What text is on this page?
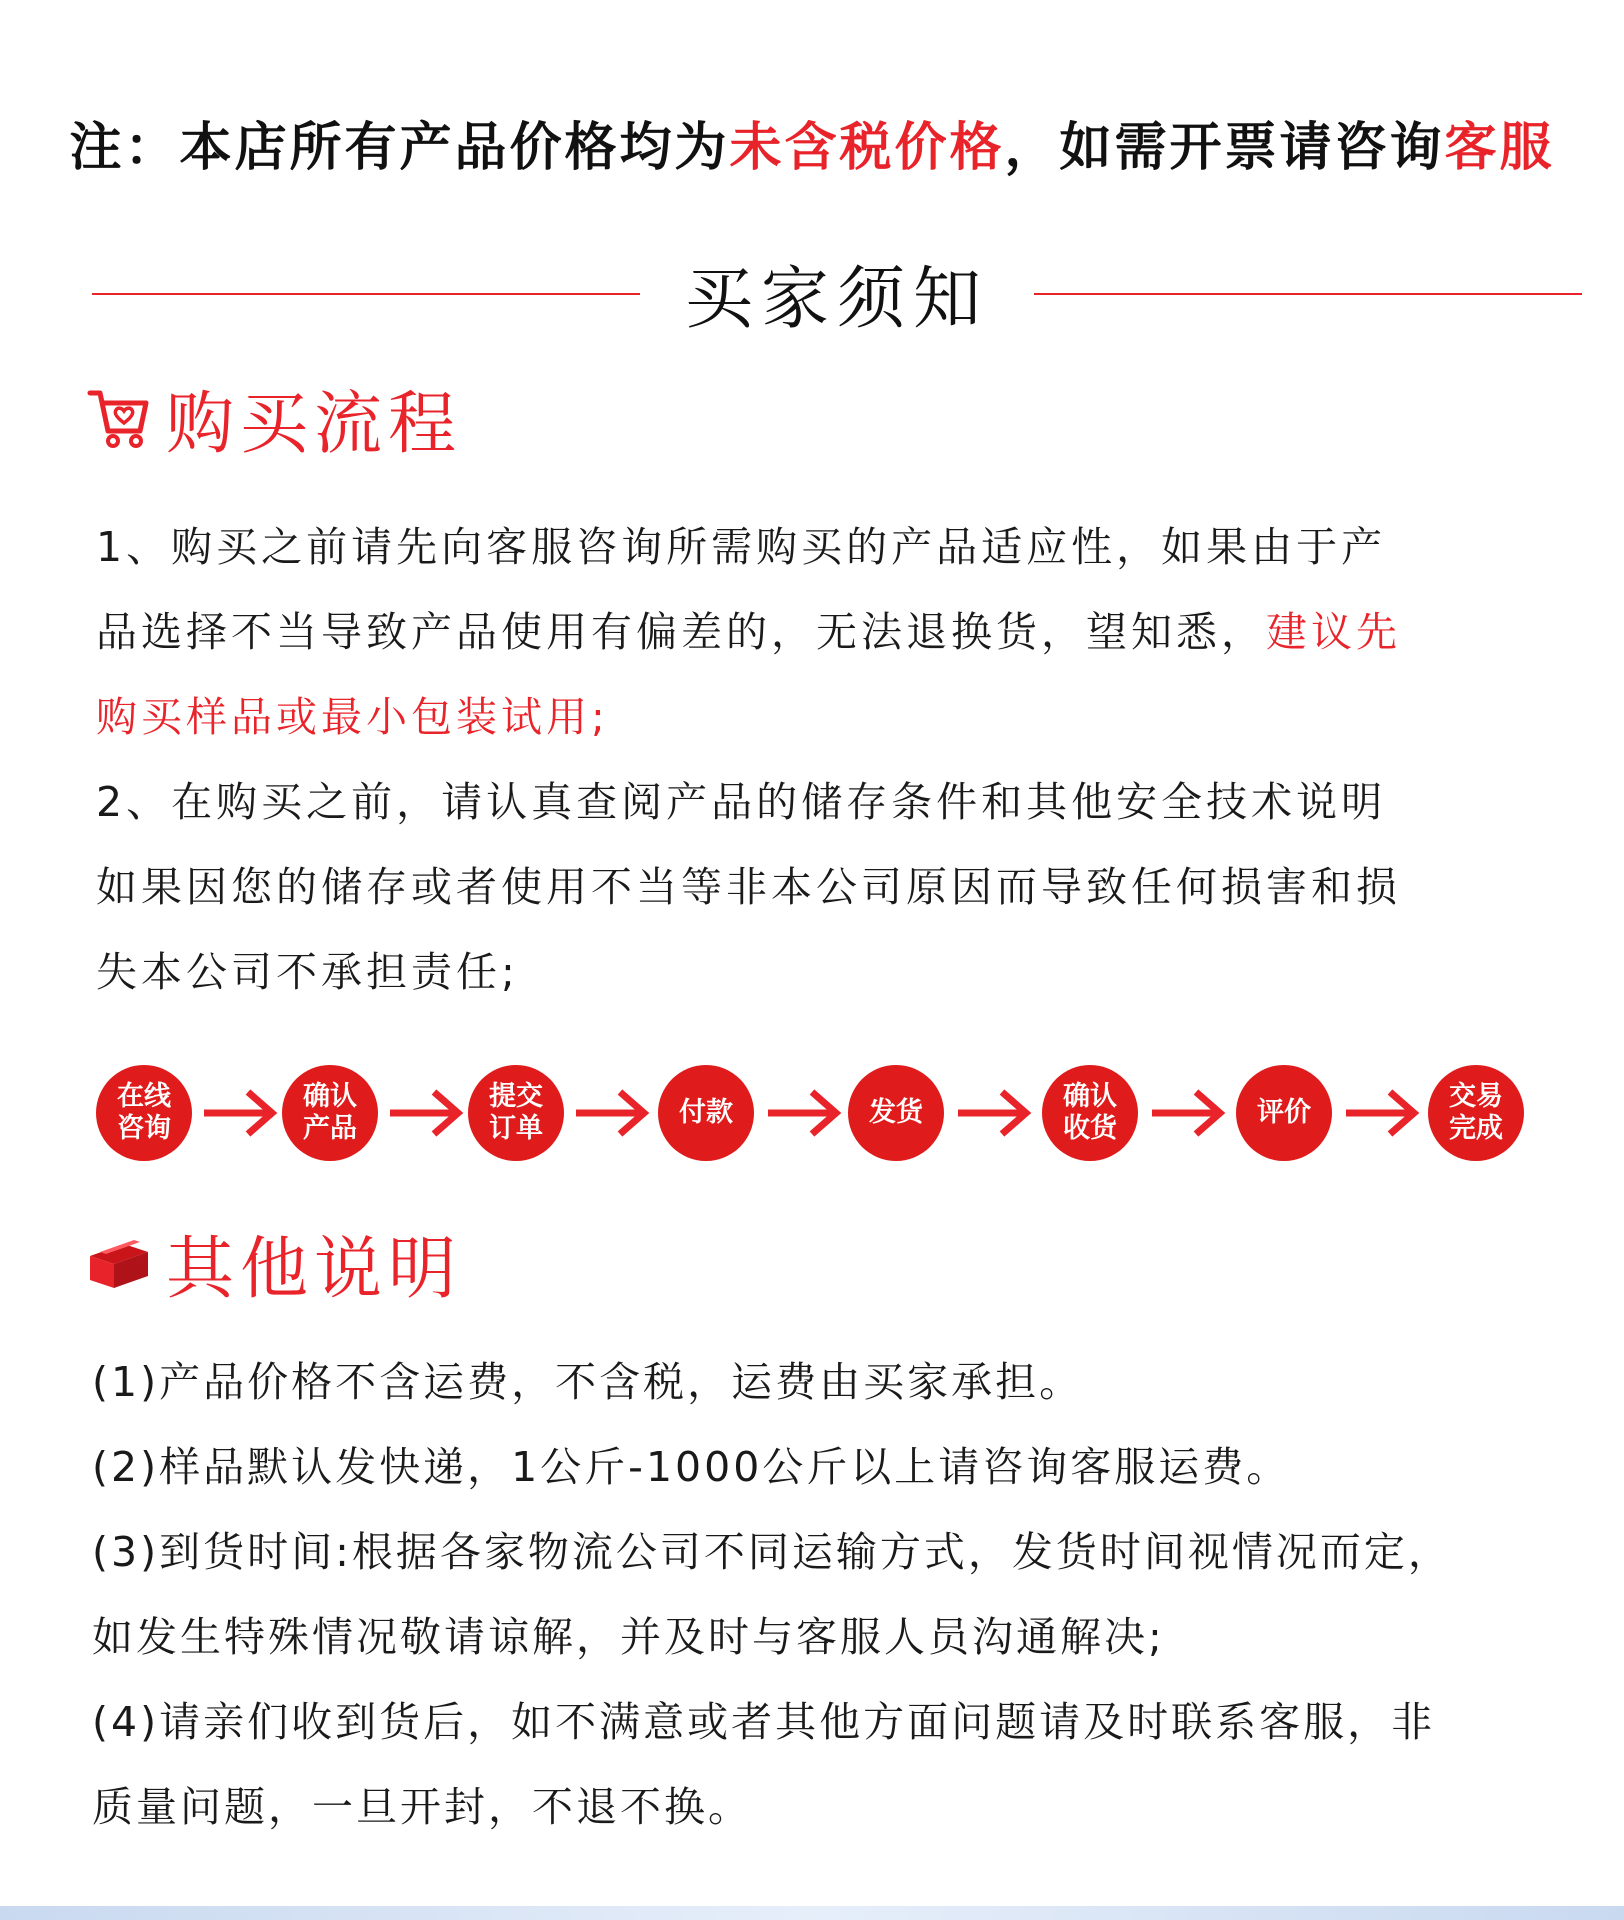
注：本店所有产品价格均为未含税价格，如需开票请咨询客服
买家须知
购买流程
1、购买之前请先向客服咨询所需购买的产品适应性，如果由于产
品选择不当导致产品使用有偏差的，无法退换货，望知悉，建议先
购买样品或最小包装试用;
2、在购买之前，请认真查阅产品的储存条件和其他安全技术说明
如果因您的储存或者使用不当等非本公司原因而导致任何损害和损
失本公司不承担责任;
在线
咨询
确认
产品
提交
订单
付款	发货
确认
收货
评价
交易
完成
其他说明
(1)产品价格不含运费，不含税，运费由买家承担。
(2)样品默认发快递，1公斤-1000公斤以上请咨询客服运费。
(3)到货时间:根据各家物流公司不同运输方式，发货时间视情况而定，
如发生特殊情况敬请谅解，并及时与客服人员沟通解决;
(4)请亲们收到货后，如不满意或者其他方面问题请及时联系客服，非
质量问题，一旦开封，不退不换。
